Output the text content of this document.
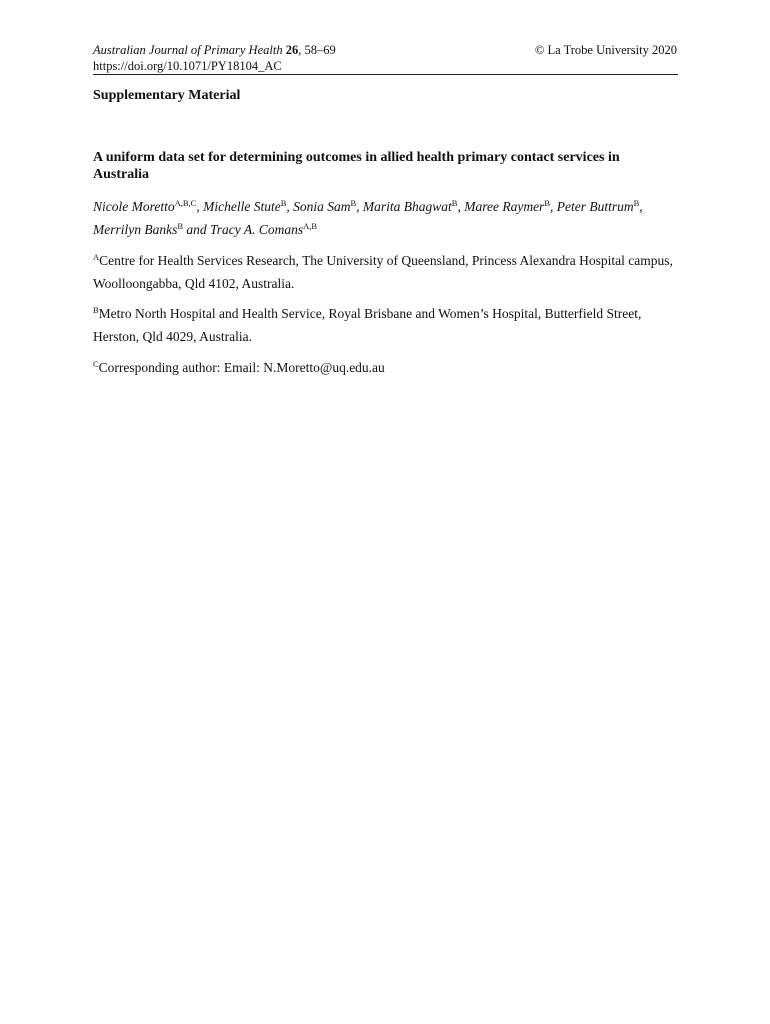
Australian Journal of Primary Health 26, 58–69	© La Trobe University 2020
https://doi.org/10.1071/PY18104_AC
Supplementary Material
A uniform data set for determining outcomes in allied health primary contact services in Australia
Nicole Moretto$^{A,B,C}$, Michelle Stute$^B$, Sonia Sam$^B$, Marita Bhagwat$^B$, Maree Raymer$^B$, Peter Buttrum$^B$, Merrilyn Banks$^B$ and Tracy A. Comans$^{A,B}$
$^A$Centre for Health Services Research, The University of Queensland, Princess Alexandra Hospital campus, Woolloongabba, Qld 4102, Australia.
$^B$Metro North Hospital and Health Service, Royal Brisbane and Women’s Hospital, Butterfield Street, Herston, Qld 4029, Australia.
$^C$Corresponding author: Email: N.Moretto@uq.edu.au
